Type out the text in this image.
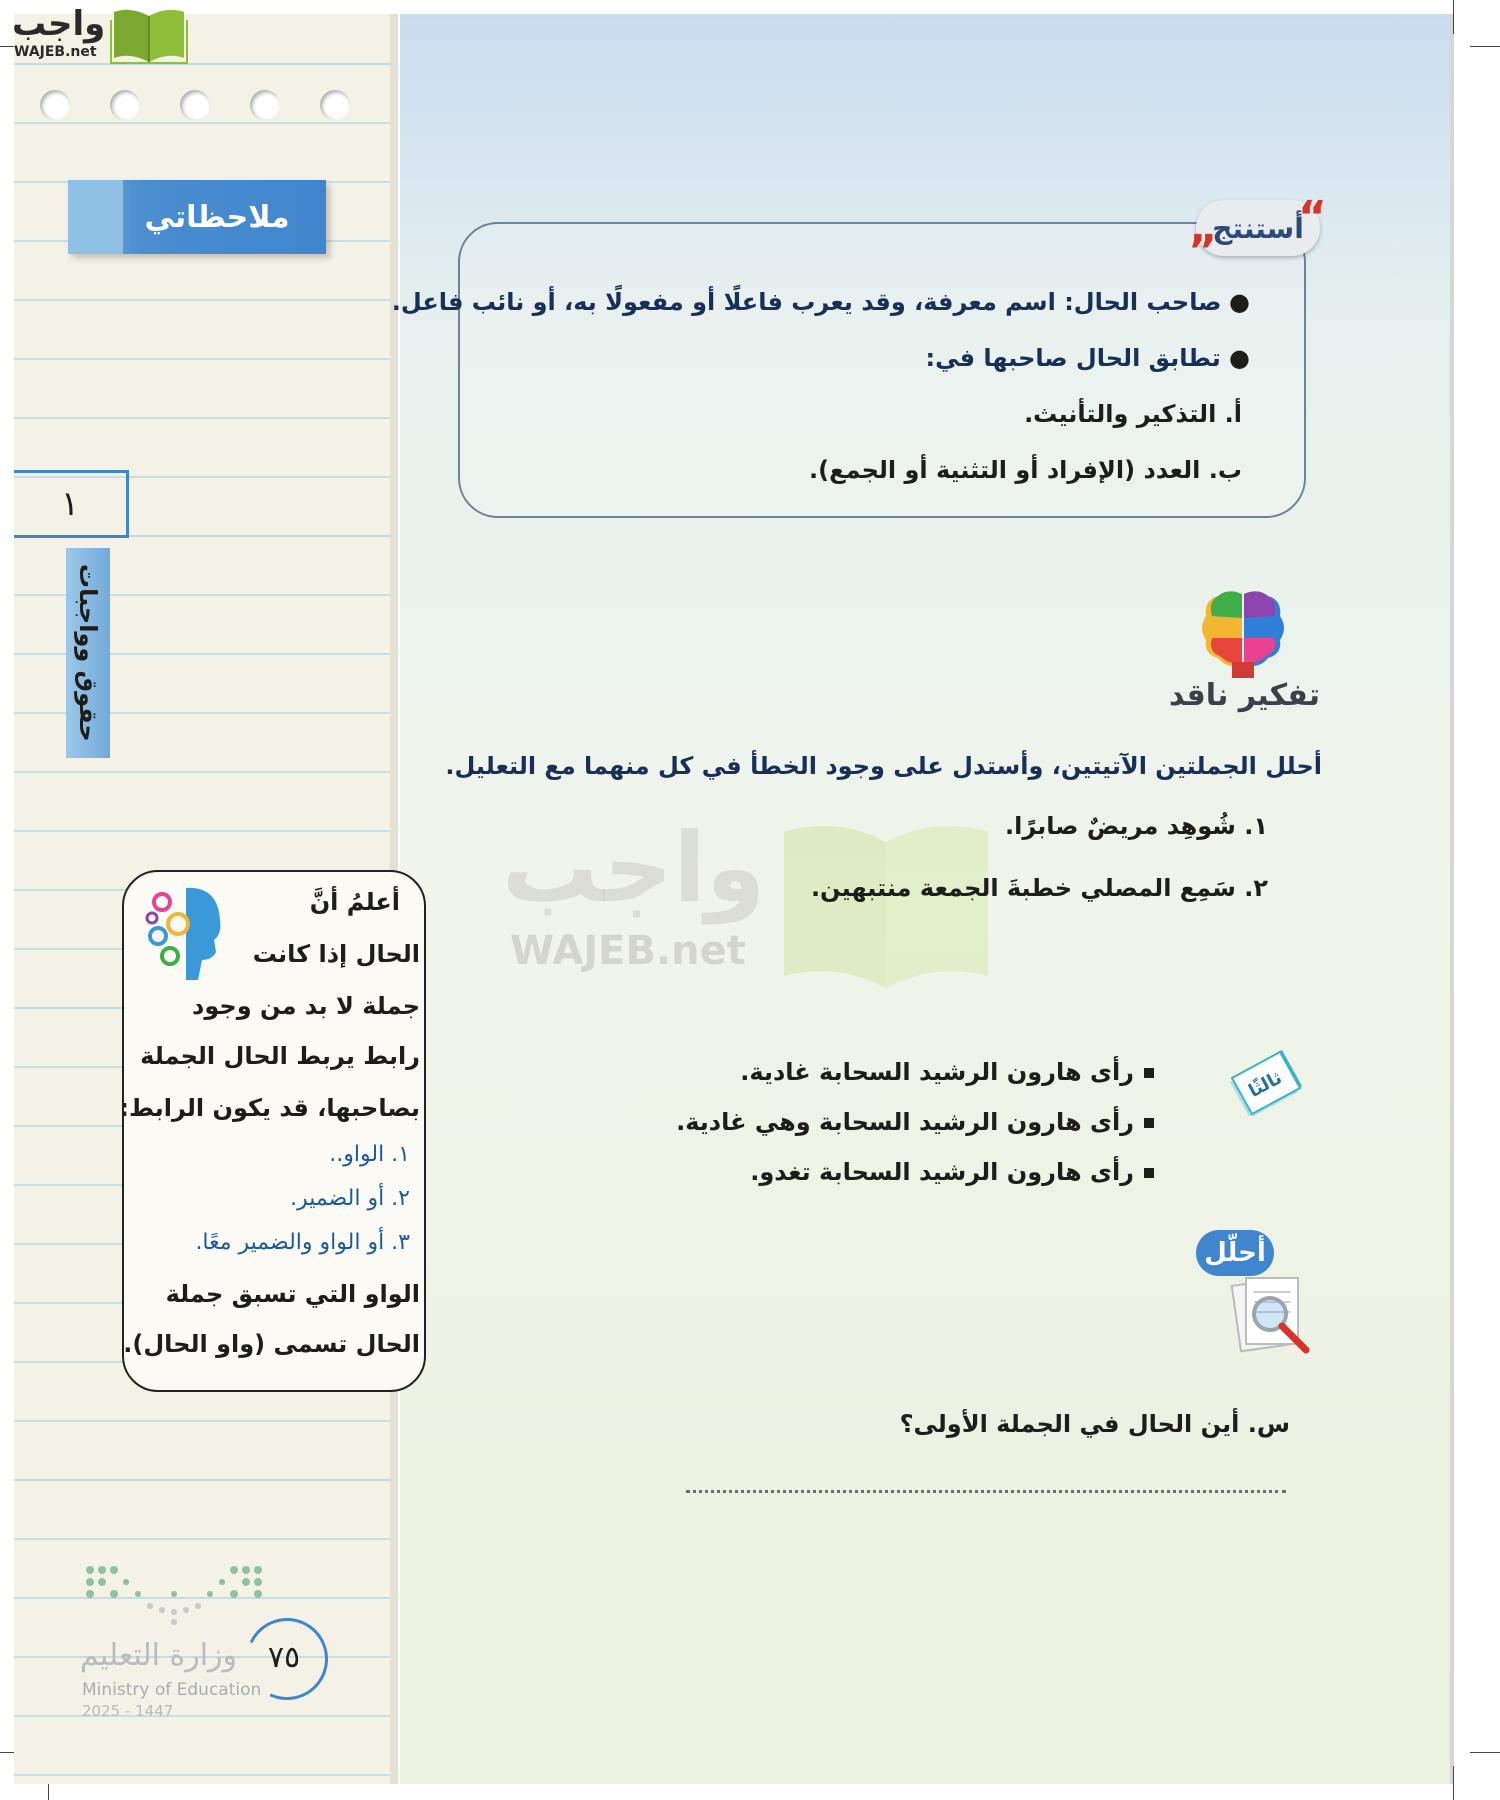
ملاحظاتي
١
حقوق وواجبات
واجب
WAJEB.net
واجب
WAJEB.net
أستنتج
“
”
● صاحب الحال: اسم معرفة، وقد يعرب فاعلًا أو مفعولًا به، أو نائب فاعل.
● تطابق الحال صاحبها في:
أ. التذكير والتأنيث.
ب. العدد (الإفراد أو التثنية أو الجمع).
تفكير ناقد
أحلل الجملتين الآتيتين، وأستدل على وجود الخطأ في كل منهما مع التعليل.
١. شُوهِد مريضٌ صابرًا.
٢. سَمِع المصلي خطبةَ الجمعة منتبهين.
أعلمُ أنَّ
الحال إذا كانت
جملة لا بد من وجود
رابط يربط الحال الجملة
بصاحبها، قد يكون الرابط:
١. الواو..
٢. أو الضمير.
٣. أو الواو والضمير معًا.
الواو التي تسبق جملة
الحال تسمى (واو الحال).
ثالثًا
رأى هارون الرشيد السحابة غادية.
رأى هارون الرشيد السحابة وهي غادية.
رأى هارون الرشيد السحابة تغدو.
أحلّل
س. أين الحال في الجملة الأولى؟
٧٥
وزارة التعليم
Ministry of Education
2025 - 1447
